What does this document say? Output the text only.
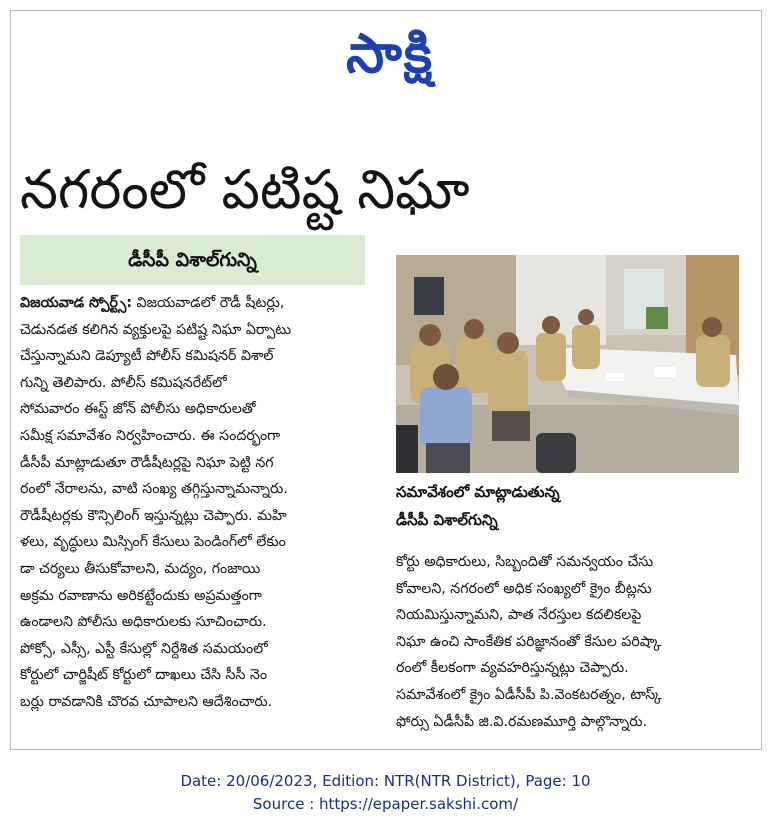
సాక్షి
నగరంలో పటిష్ట నిఘా
డీసీపీ విశాల్‌గున్ని
విజయవాడ స్పోర్ట్స్: విజయవాడలో రౌడీ షీటర్లు,
చెడునడత కలిగిన వ్యక్తులపై పటిష్ట నిఘా ఏర్పాటు
చేస్తున్నామని డెప్యూటీ పోలీస్ కమిషనర్ విశాల్
గున్ని తెలిపారు. పోలీస్ కమిషనరేట్‌లో
సోమవారం ఈస్ట్ జోన్ పోలీసు అధికారులతో
సమీక్ష సమావేశం నిర్వహించారు. ఈ సందర్భంగా
డీసీపీ మాట్లాడుతూ రౌడీషీటర్లపై నిఘా పెట్టి నగ
రంలో నేరాలను, వాటి సంఖ్య తగ్గిస్తున్నామన్నారు.
రౌడీషీటర్లకు కౌన్సిలింగ్ ఇస్తున్నట్లు చెప్పారు. మహి
ళలు, వృద్ధులు మిస్సింగ్ కేసులు పెండింగ్‌లో లేకుం
డా చర్యలు తీసుకోవాలని, మద్యం, గంజాయి
అక్రమ రవాణాను అరికట్టేందుకు అప్రమత్తంగా
ఉండాలని పోలీసు అధికారులకు సూచించారు.
పోక్సో, ఎస్సీ, ఎస్టీ కేసుల్లో నిర్దేశిత సమయంలో
కోర్టులో చార్జిషీట్ కోర్టులో దాఖలు చేసి సీసీ నెం
బర్లు రావడానికి చొరవ చూపాలని ఆదేశించారు.
సమావేశంలో మాట్లాడుతున్న
డీసీపీ విశాల్‌గున్ని
కోర్టు అధికారులు, సిబ్బందితో సమన్వయం చేసు
కోవాలని, నగరంలో అధిక సంఖ్యలో క్రైం బీట్లను
నియమిస్తున్నామని, పాత నేరస్తుల కదలికలపై
నిఘా ఉంచి సాంకేతిక పరిజ్ఞానంతో కేసుల పరిష్కా
రంలో కీలకంగా వ్యవహరిస్తున్నట్లు చెప్పారు.
సమావేశంలో క్రైం ఏడీసీపీ పి.వెంకటరత్నం, టాస్క్
ఫోర్సు ఏడీసీపీ జి.వి.రమణమూర్తి పాల్గొన్నారు.
Date: 20/06/2023, Edition: NTR(NTR District), Page: 10
Source : https://epaper.sakshi.com/
